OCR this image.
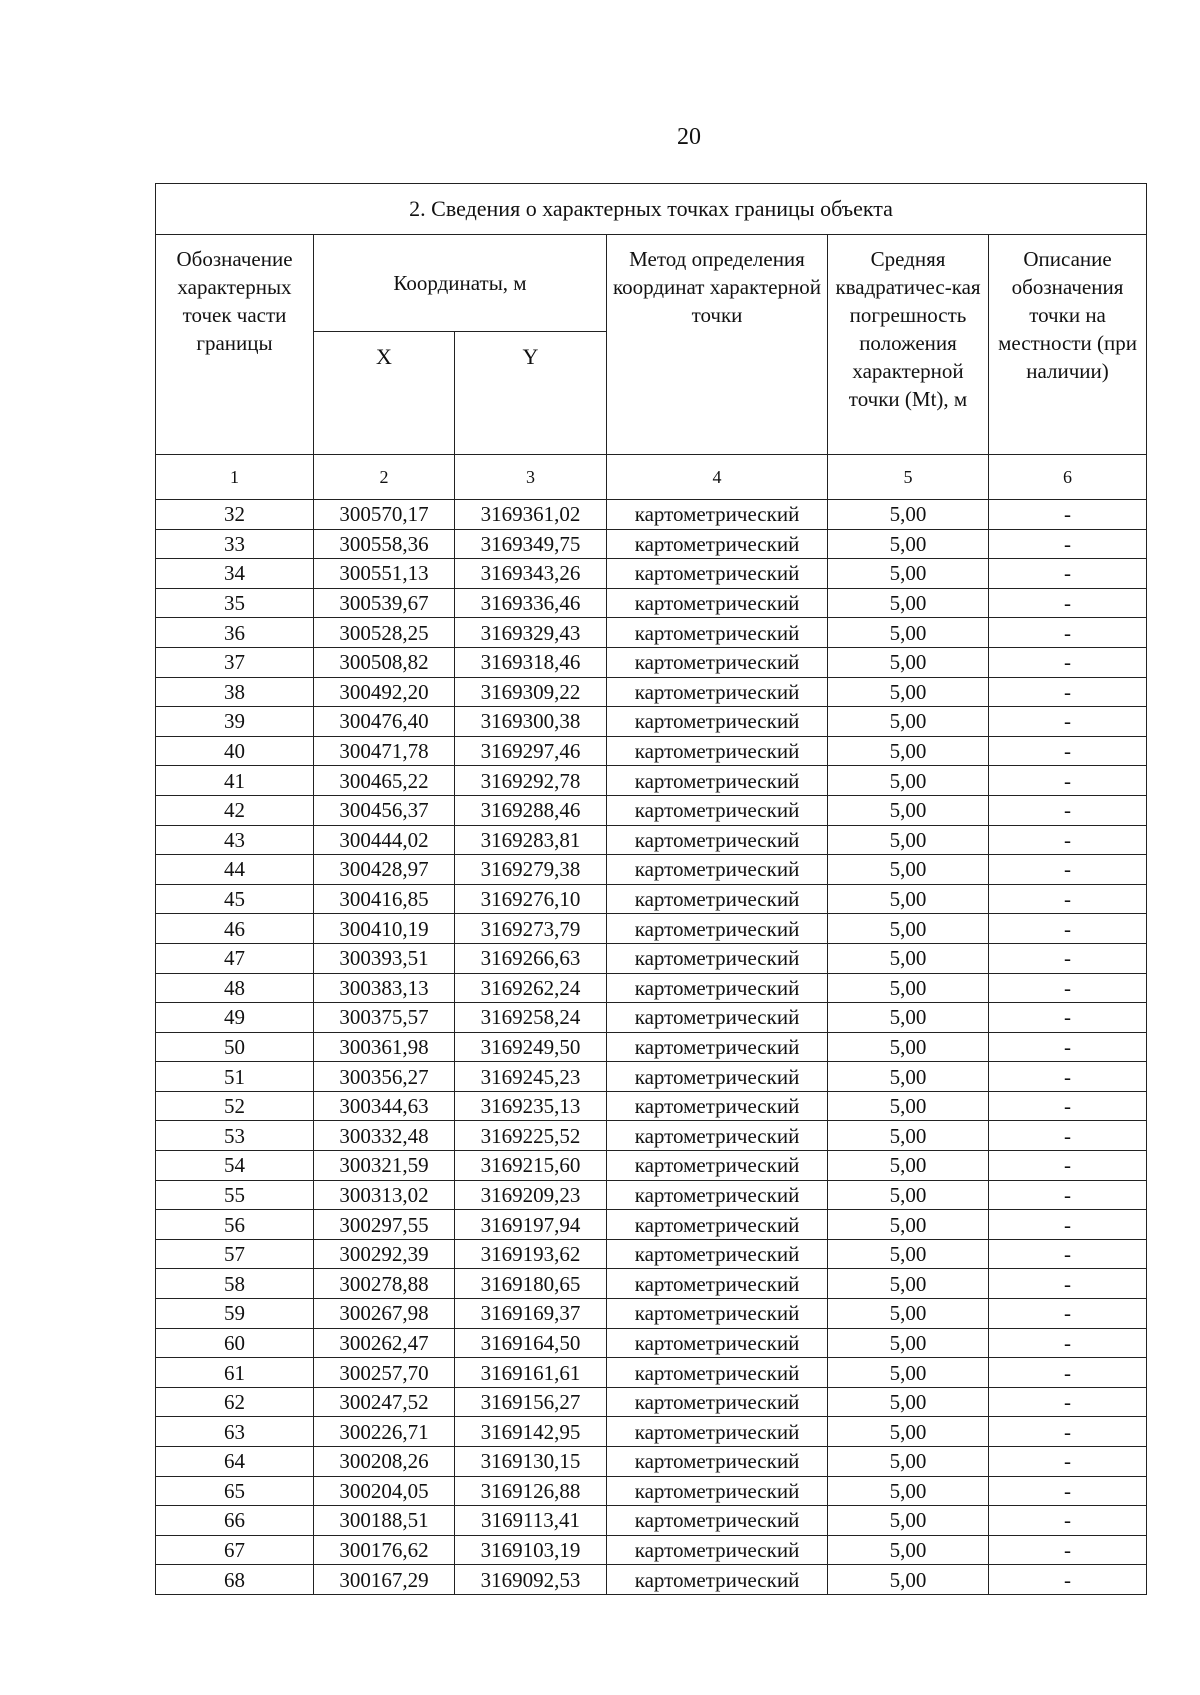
20
2. Сведения о характерных точках границы объекта					
Обозначение характерных точек части границы	Координаты, м		Метод определения координат характерной точки	Средняя квадратичес-кая погрешность положения характерной точки (Mt), м	Описание обозначения точки на местности (при наличии)
	X	Y			
1	2	3	4	5	6
32	300570,17	3169361,02	картометрический	5,00	-
33	300558,36	3169349,75	картометрический	5,00	-
34	300551,13	3169343,26	картометрический	5,00	-
35	300539,67	3169336,46	картометрический	5,00	-
36	300528,25	3169329,43	картометрический	5,00	-
37	300508,82	3169318,46	картометрический	5,00	-
38	300492,20	3169309,22	картометрический	5,00	-
39	300476,40	3169300,38	картометрический	5,00	-
40	300471,78	3169297,46	картометрический	5,00	-
41	300465,22	3169292,78	картометрический	5,00	-
42	300456,37	3169288,46	картометрический	5,00	-
43	300444,02	3169283,81	картометрический	5,00	-
44	300428,97	3169279,38	картометрический	5,00	-
45	300416,85	3169276,10	картометрический	5,00	-
46	300410,19	3169273,79	картометрический	5,00	-
47	300393,51	3169266,63	картометрический	5,00	-
48	300383,13	3169262,24	картометрический	5,00	-
49	300375,57	3169258,24	картометрический	5,00	-
50	300361,98	3169249,50	картометрический	5,00	-
51	300356,27	3169245,23	картометрический	5,00	-
52	300344,63	3169235,13	картометрический	5,00	-
53	300332,48	3169225,52	картометрический	5,00	-
54	300321,59	3169215,60	картометрический	5,00	-
55	300313,02	3169209,23	картометрический	5,00	-
56	300297,55	3169197,94	картометрический	5,00	-
57	300292,39	3169193,62	картометрический	5,00	-
58	300278,88	3169180,65	картометрический	5,00	-
59	300267,98	3169169,37	картометрический	5,00	-
60	300262,47	3169164,50	картометрический	5,00	-
61	300257,70	3169161,61	картометрический	5,00	-
62	300247,52	3169156,27	картометрический	5,00	-
63	300226,71	3169142,95	картометрический	5,00	-
64	300208,26	3169130,15	картометрический	5,00	-
65	300204,05	3169126,88	картометрический	5,00	-
66	300188,51	3169113,41	картометрический	5,00	-
67	300176,62	3169103,19	картометрический	5,00	-
68	300167,29	3169092,53	картометрический	5,00	-
